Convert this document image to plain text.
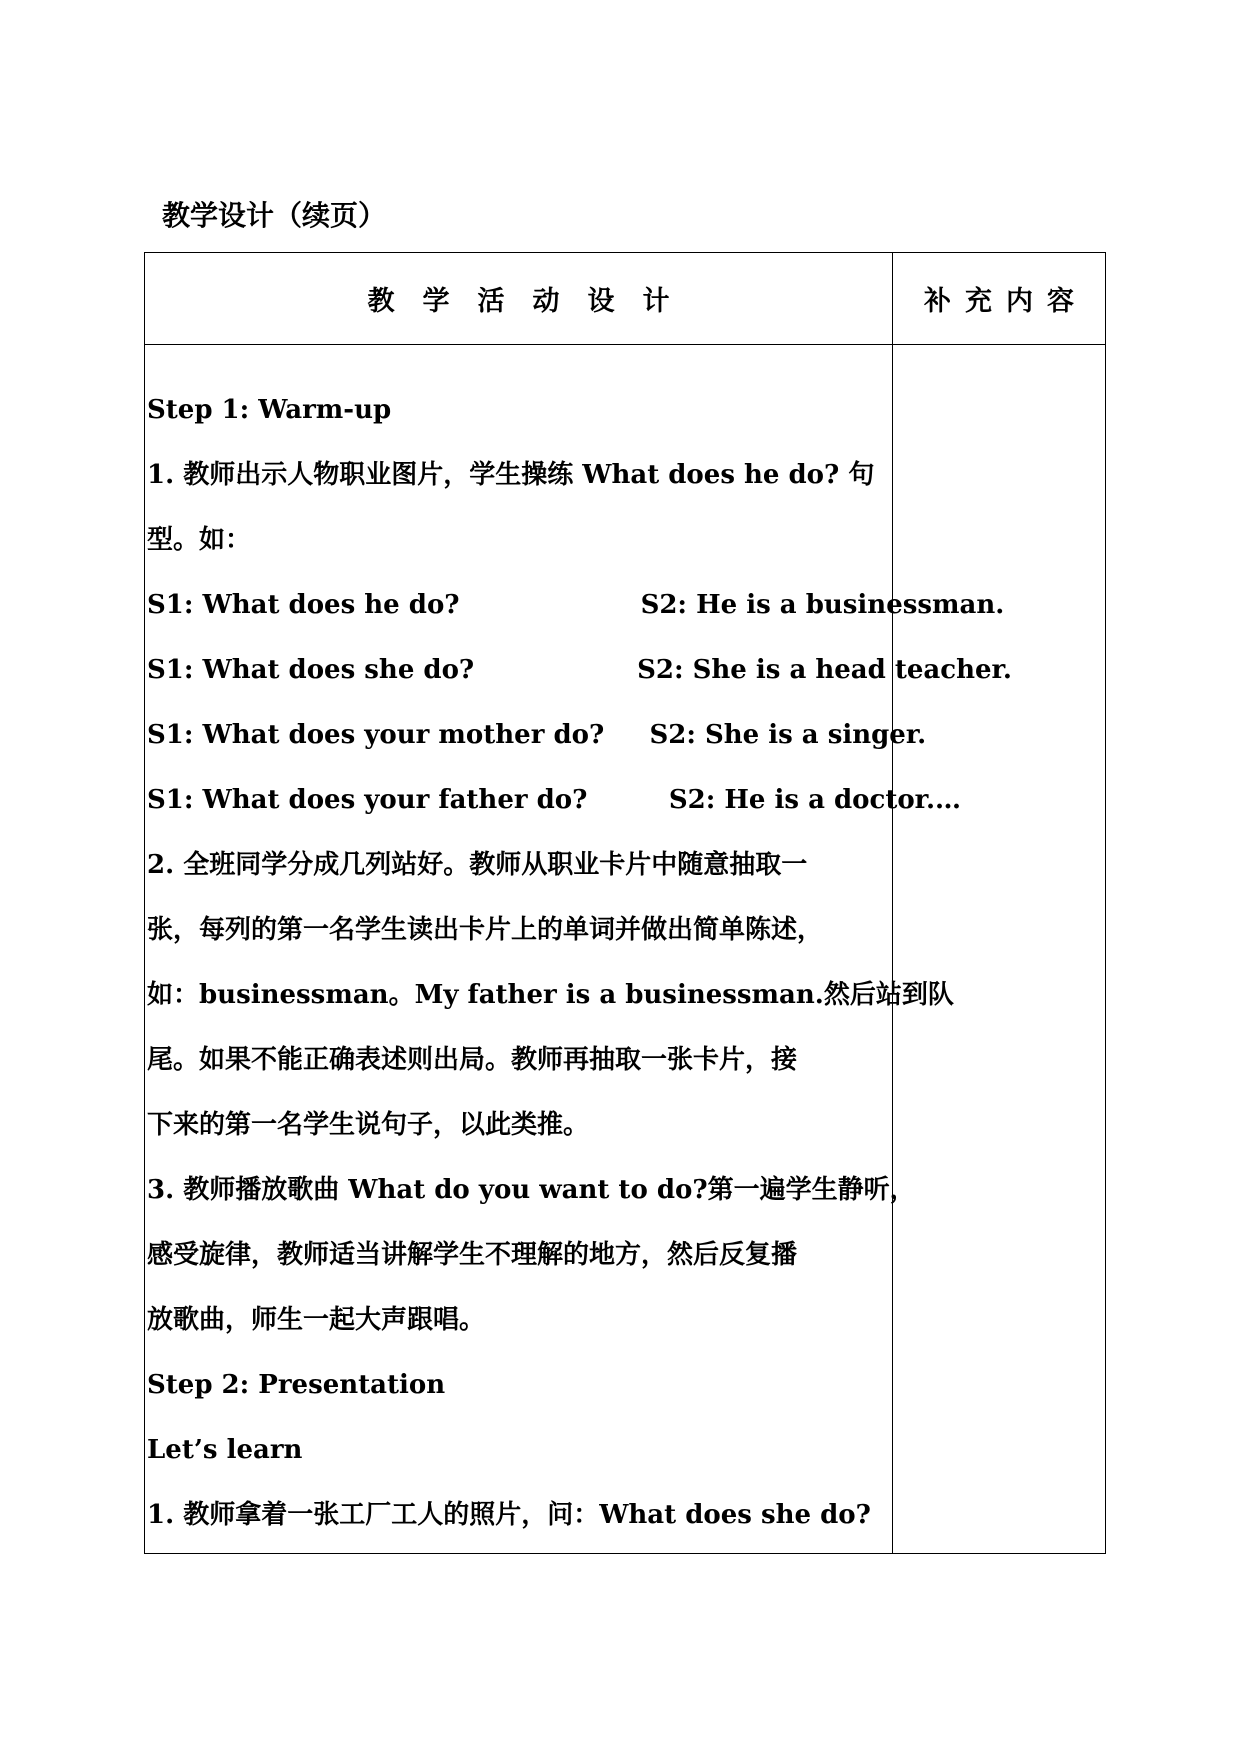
教学设计（续页）
教学活动设计	补充内容
Step 1: Warm-up
1. 教师出示人物职业图片，学生操练 What does he do? 句
型。如：
S1: What does he do?                    S2: He is a businessman.
S1: What does she do?                  S2: She is a head teacher.
S1: What does your mother do?     S2: She is a singer.
S1: What does your father do?         S2: He is a doctor.…
2. 全班同学分成几列站好。教师从职业卡片中随意抽取一
张，每列的第一名学生读出卡片上的单词并做出简单陈述，
如：businessman。My father is a businessman.然后站到队
尾。如果不能正确表述则出局。教师再抽取一张卡片，接
下来的第一名学生说句子，以此类推。
3. 教师播放歌曲 What do you want to do?第一遍学生静听，
感受旋律，教师适当讲解学生不理解的地方，然后反复播
放歌曲，师生一起大声跟唱。
Step 2: Presentation
Let’s learn
1. 教师拿着一张工厂工人的照片，问：What does she do?
